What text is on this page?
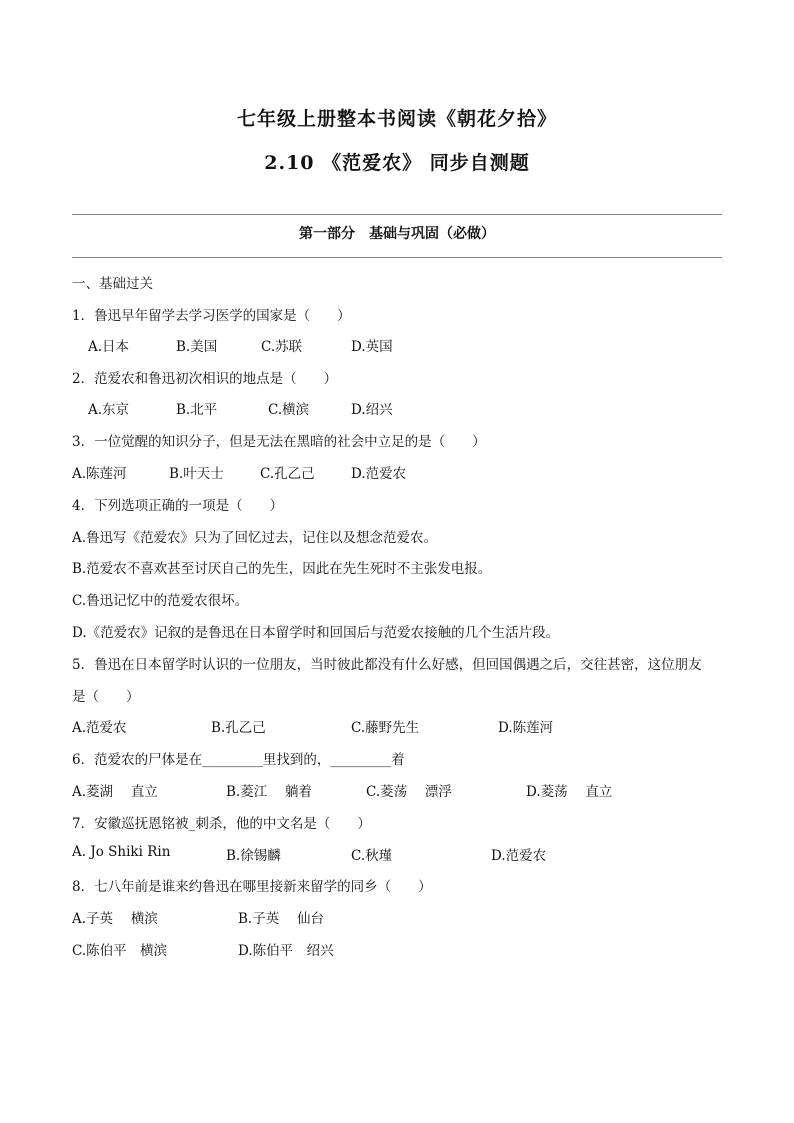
七年级上册整本书阅读《朝花夕拾》
2.10 《范爱农》 同步自测题
第一部分　基础与巩固（必做）
一、基础过关
1．鲁迅早年留学去学习医学的国家是（　　）
A.日本	B.美国	C.苏联	D.英国
2．范爱农和鲁迅初次相识的地点是（　　）
A.东京	B.北平	C.横滨	D.绍兴
3．一位觉醒的知识分子，但是无法在黑暗的社会中立足的是（　　）
A.陈莲河	B.叶天士	C.孔乙己	D.范爱农
4．下列选项正确的一项是（　　）
A.鲁迅写《范爱农》只为了回忆过去，记住以及想念范爱农。
B.范爱农不喜欢甚至讨厌自己的先生，因此在先生死时不主张发电报。
C.鲁迅记忆中的范爱农很坏。
D.《范爱农》记叙的是鲁迅在日本留学时和回国后与范爱农接触的几个生活片段。
5．鲁迅在日本留学时认识的一位朋友，当时彼此都没有什么好感，但回国偶遇之后，交往甚密，这位朋友
是（　　）
A.范爱农	B.孔乙己	C.藤野先生	D.陈莲河
6．范爱农的尸体是在_________里找到的，_________着
A.菱湖　 直立	B.菱江　 躺着	C.菱荡　 漂浮	D.菱荡　 直立
7．安徽巡抚恩铭被_刺杀，他的中文名是（　　）
A. Jo Shiki Rin	B.徐锡麟	C.秋瑾	D.范爱农
8．七八年前是谁来约鲁迅在哪里接新来留学的同乡（　　）
A.子英　 横滨	B.子英　 仙台
C.陈伯平　横滨	D.陈伯平　绍兴
